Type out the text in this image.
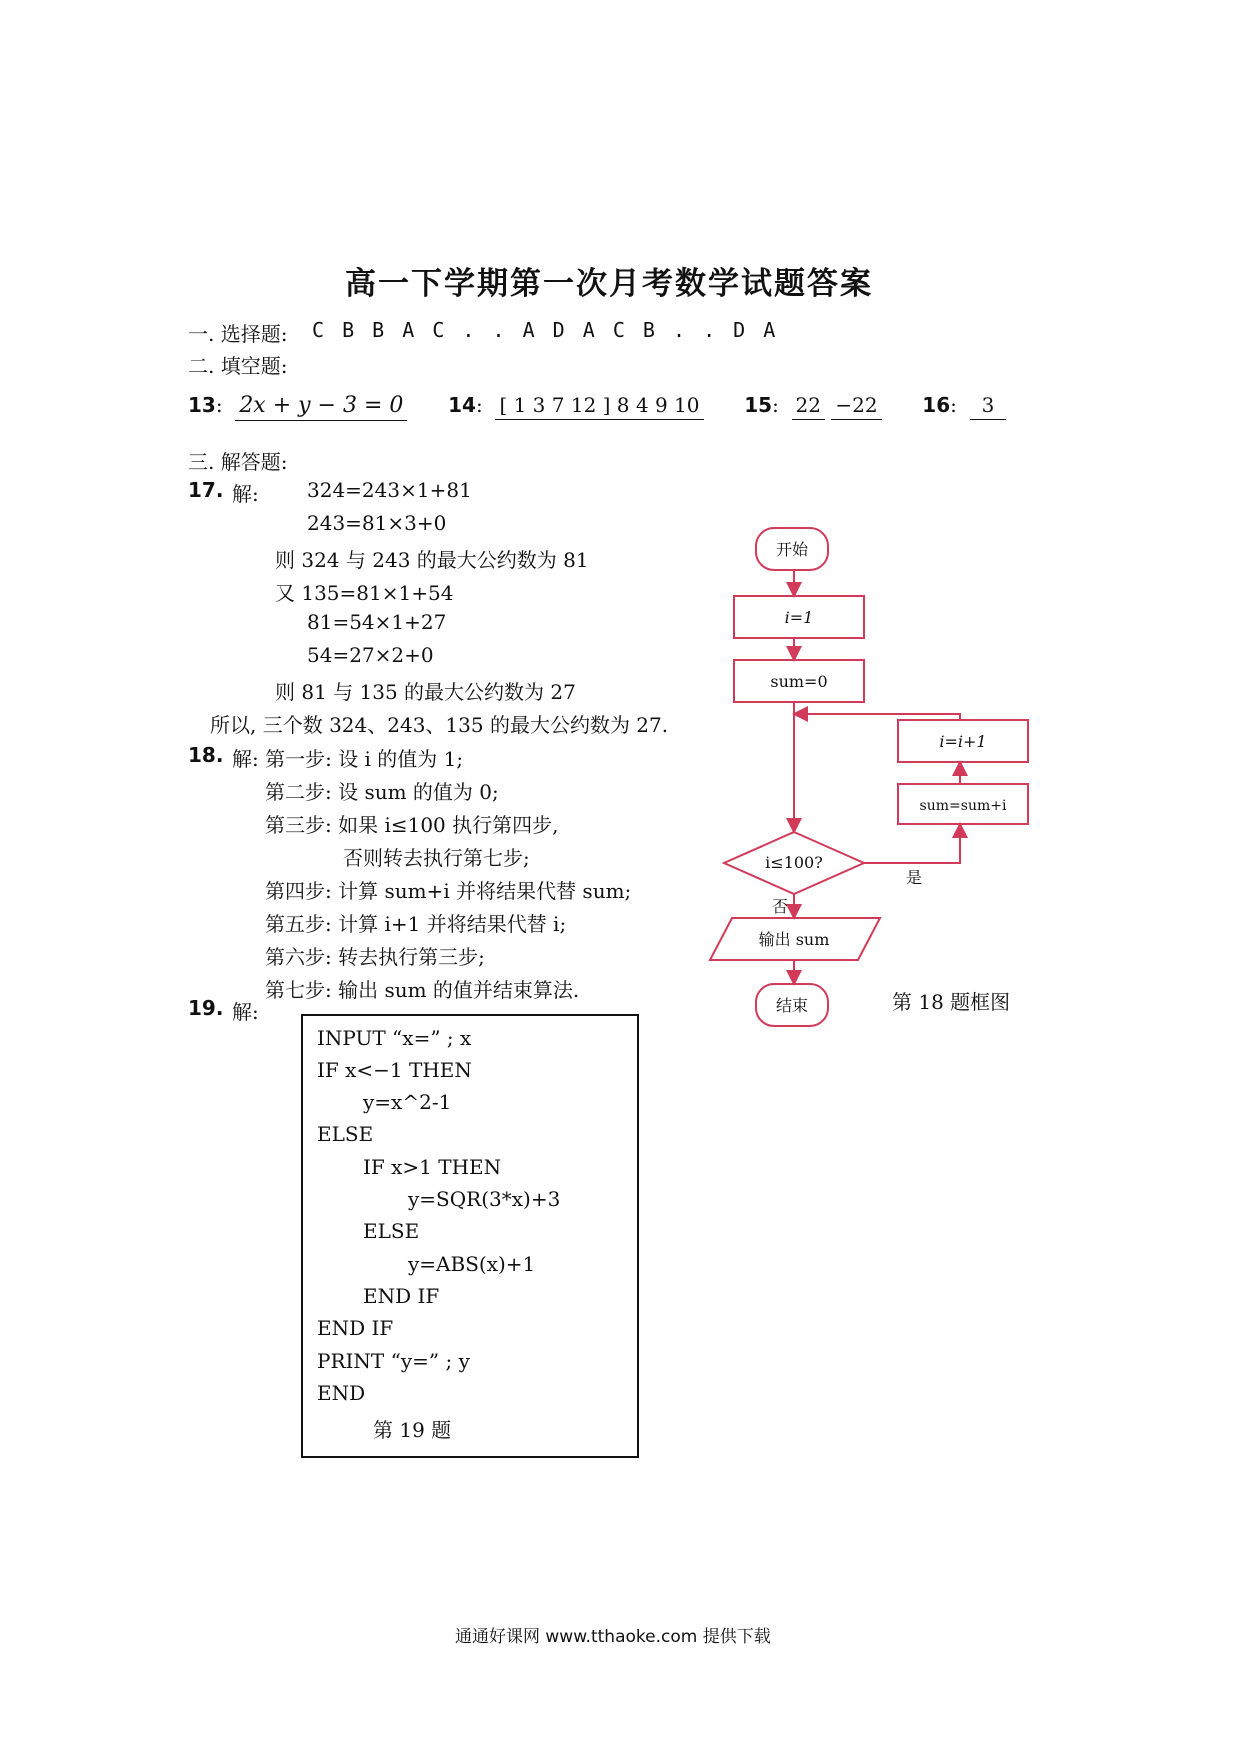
高一下学期第一次月考数学试题答案
一. 选择题: C B B A C . . A D A C B . . D A
二. 填空题:
13:  2x + y − 3 = 0 14:  [ 1 3 7 12 ] 8 4 9 10 15:  22 −22 16:  3
三. 解答题:
17. 解: 324=243×1+81
243=81×3+0
则 324 与 243 的最大公约数为 81
又 135=81×1+54
81=54×1+27
54=27×2+0
则 81 与 135 的最大公约数为 27
所以, 三个数 324、243、135 的最大公约数为 27.
18. 解: 第一步: 设 i 的值为 1;
第二步: 设 sum 的值为 0;
第三步: 如果 i≤100 执行第四步,
否则转去执行第七步;
第四步: 计算 sum+i 并将结果代替 sum;
第五步: 计算 i+1 并将结果代替 i;
第六步: 转去执行第三步;
第七步: 输出 sum 的值并结束算法.
开始
i=1
sum=0
i=i+1
sum=sum+i
i≤100?
是
否
输出 sum
结束	第 18 题框图
19. 解:
INPUT “x=” ; x
IF x<−1 THEN
y=x^2-1
ELSE
IF x>1 THEN
y=SQR(3*x)+3
ELSE
y=ABS(x)+1
END IF
END IF
PRINT “y=” ; y
END
第 19 题
通通好课网 www.tthaoke.com 提供下载
